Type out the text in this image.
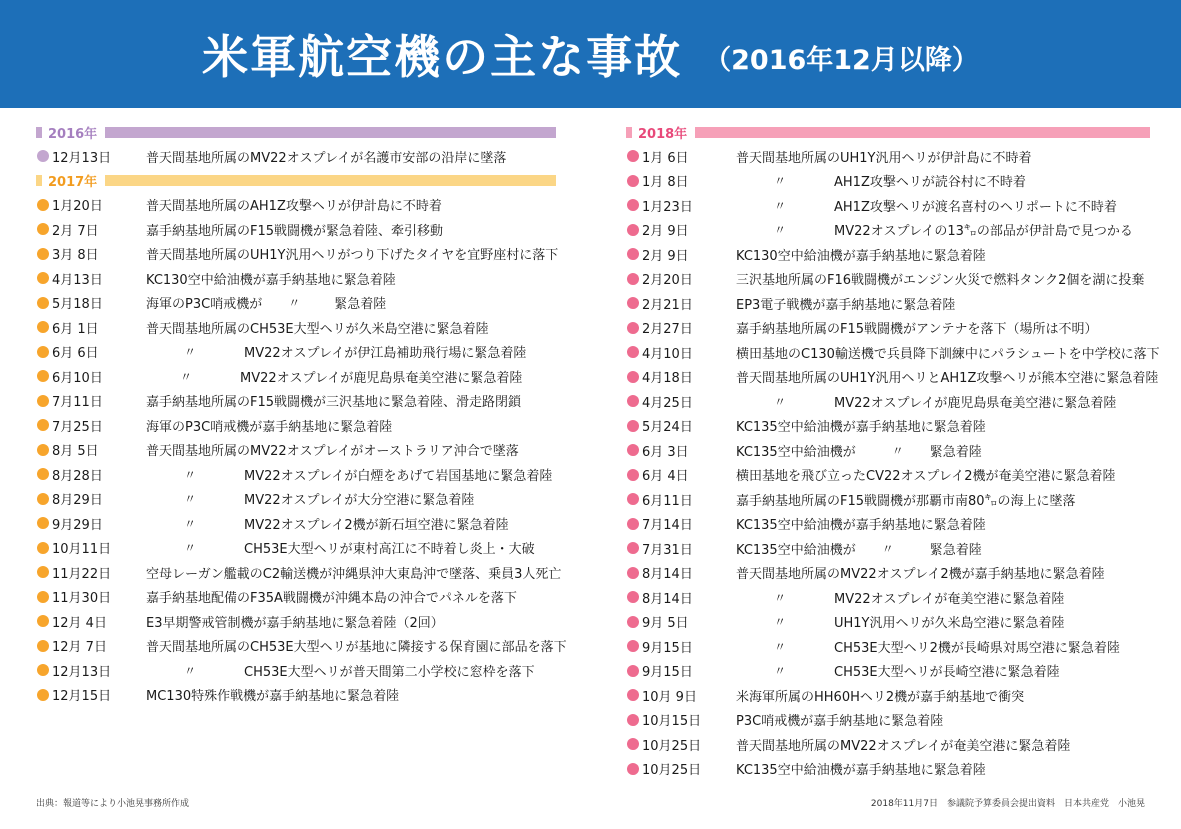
米軍航空機の主な事故 （2016年12月以降）
2016年
12月13日	普天間基地所属のMV22オスプレイが名護市安部の沿岸に墜落
2017年
1月20日	普天間基地所属のAH1Z攻撃ヘリが伊計島に不時着
2月 7日	嘉手納基地所属のF15戦闘機が緊急着陸、牽引移動
3月 8日	普天間基地所属のUH1Y汎用ヘリがつり下げたタイヤを宜野座村に落下
4月13日	KC130空中給油機が嘉手納基地に緊急着陸
5月18日	海軍のP3C哨戒機が	〃	緊急着陸
6月 1日	普天間基地所属のCH53E大型ヘリが久米島空港に緊急着陸
6月 6日	〃	MV22オスプレイが伊江島補助飛行場に緊急着陸
6月10日	〃	MV22オスプレイが鹿児島県奄美空港に緊急着陸
7月11日	嘉手納基地所属のF15戦闘機が三沢基地に緊急着陸、滑走路閉鎖
7月25日	海軍のP3C哨戒機が嘉手納基地に緊急着陸
8月 5日	普天間基地所属のMV22オスプレイがオーストラリア沖合で墜落
8月28日	〃	MV22オスプレイが白煙をあげて岩国基地に緊急着陸
8月29日	〃	MV22オスプレイが大分空港に緊急着陸
9月29日	〃	MV22オスプレイ2機が新石垣空港に緊急着陸
10月11日	〃	CH53E大型ヘリが東村高江に不時着し炎上・大破
11月22日	空母レーガン艦載のC2輸送機が沖縄県沖大東島沖で墜落、乗員3人死亡
11月30日	嘉手納基地配備のF35A戦闘機が沖縄本島の沖合でパネルを落下
12月 4日	E3早期警戒管制機が嘉手納基地に緊急着陸（2回）
12月 7日	普天間基地所属のCH53E大型ヘリが基地に隣接する保育園に部品を落下
12月13日	〃	CH53E大型ヘリが普天間第二小学校に窓枠を落下
12月15日	MC130特殊作戦機が嘉手納基地に緊急着陸
2018年
1月 6日	普天間基地所属のUH1Y汎用ヘリが伊計島に不時着
1月 8日	〃	AH1Z攻撃ヘリが読谷村に不時着
1月23日	〃	AH1Z攻撃ヘリが渡名喜村のヘリポートに不時着
2月 9日	〃	MV22オスプレイの13㌔の部品が伊計島で見つかる
2月 9日	KC130空中給油機が嘉手納基地に緊急着陸
2月20日	三沢基地所属のF16戦闘機がエンジン火災で燃料タンク2個を湖に投棄
2月21日	EP3電子戦機が嘉手納基地に緊急着陸
2月27日	嘉手納基地所属のF15戦闘機がアンテナを落下（場所は不明）
4月10日	横田基地のC130輸送機で兵員降下訓練中にパラシュートを中学校に落下
4月18日	普天間基地所属のUH1Y汎用ヘリとAH1Z攻撃ヘリが熊本空港に緊急着陸
4月25日	〃	MV22オスプレイが鹿児島県奄美空港に緊急着陸
5月24日	KC135空中給油機が嘉手納基地に緊急着陸
6月 3日	KC135空中給油機が	〃	緊急着陸
6月 4日	横田基地を飛び立ったCV22オスプレイ2機が奄美空港に緊急着陸
6月11日	嘉手納基地所属のF15戦闘機が那覇市南80㌔の海上に墜落
7月14日	KC135空中給油機が嘉手納基地に緊急着陸
7月31日	KC135空中給油機が	〃	緊急着陸
8月14日	普天間基地所属のMV22オスプレイ2機が嘉手納基地に緊急着陸
8月14日	〃	MV22オスプレイが奄美空港に緊急着陸
9月 5日	〃	UH1Y汎用ヘリが久米島空港に緊急着陸
9月15日	〃	CH53E大型ヘリ2機が長崎県対馬空港に緊急着陸
9月15日	〃	CH53E大型ヘリが長崎空港に緊急着陸
10月 9日	米海軍所属のHH60Hヘリ2機が嘉手納基地で衝突
10月15日	P3C哨戒機が嘉手納基地に緊急着陸
10月25日	普天間基地所属のMV22オスプレイが奄美空港に緊急着陸
10月25日	KC135空中給油機が嘉手納基地に緊急着陸
出典：報道等により小池晃事務所作成	2018年11月7日　参議院予算委員会提出資料　日本共産党　小池晃
